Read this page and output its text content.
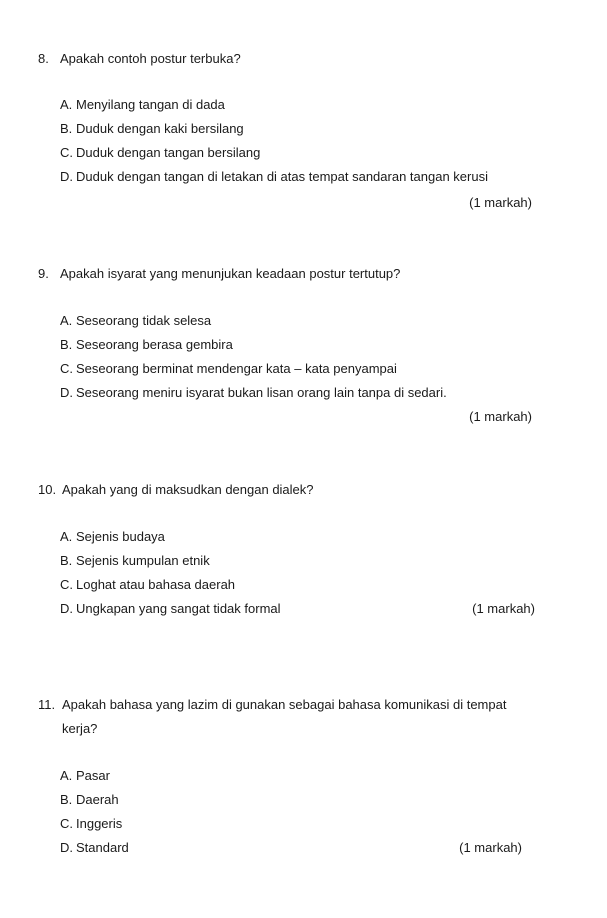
8. Apakah contoh postur terbuka?
A. Menyilang tangan di dada
B. Duduk dengan kaki bersilang
C. Duduk dengan tangan bersilang
D. Duduk dengan tangan di letakan di atas tempat sandaran tangan kerusi
(1 markah)
9. Apakah isyarat yang menunjukan keadaan postur tertutup?
A. Seseorang tidak selesa
B. Seseorang berasa gembira
C. Seseorang berminat mendengar kata – kata penyampai
D. Seseorang meniru isyarat bukan lisan orang lain tanpa di sedari.
(1 markah)
10. Apakah yang di maksudkan dengan dialek?
A. Sejenis budaya
B. Sejenis kumpulan etnik
C. Loghat atau bahasa daerah
D. Ungkapan yang sangat tidak formal	(1 markah)
11. Apakah bahasa yang lazim di gunakan sebagai bahasa komunikasi di tempat
kerja?
A. Pasar
B. Daerah
C. Inggeris
D. Standard	(1 markah)
